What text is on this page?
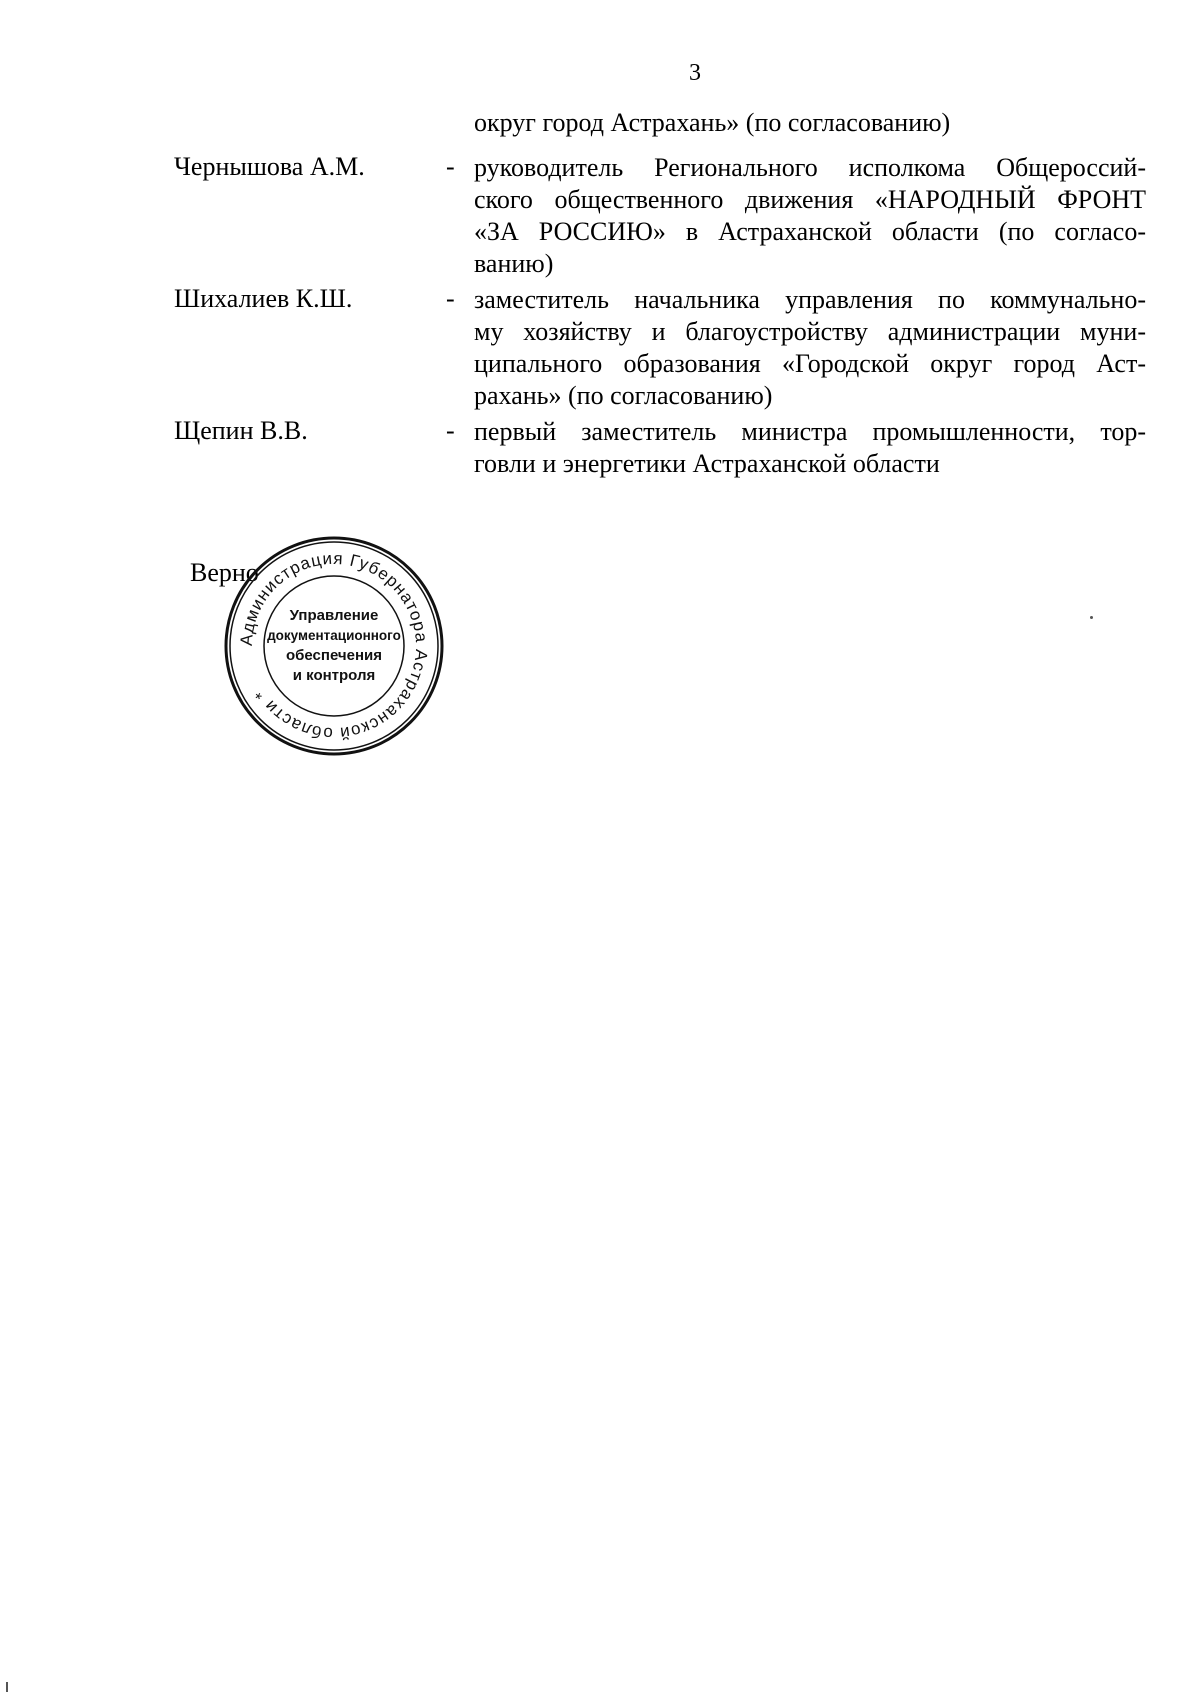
3
округ город Астрахань» (по согласованию)
Чернышова А.М.	- руководитель Регионального исполкома Общероссий-
ского общественного движения «НАРОДНЫЙ ФРОНТ
«ЗА РОССИЮ» в Астраханской области (по согласо-
ванию)
Шихалиев К.Ш.	- заместитель начальника управления по коммунально-
му хозяйству и благоустройству администрации муни-
ципального образования «Городской округ город Аст-
рахань» (по согласованию)
Щепин В.В.	- первый заместитель министра промышленности, тор-
говли и энергетики Астраханской области
Верно
Администрация Губернатора Астраханской области *
Управление
документационного
обеспечения
и контроля
